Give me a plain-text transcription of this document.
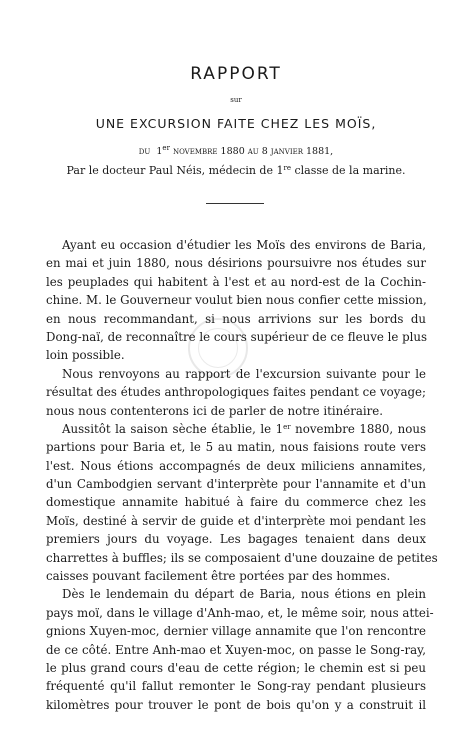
RAPPORT
sur
UNE EXCURSION FAITE CHEZ LES MOÏS,
du  1er novembre 1880 au 8 janvier 1881,
Par le docteur Paul Néis, médecin de 1re classe de la marine.
Ayant eu occasion d'étudier les Moïs des environs de Baria,
en mai et juin 1880, nous désirions poursuivre nos études sur
les peuplades qui habitent à l'est et au nord-est de la Cochin-
chine. M. le Gouverneur voulut bien nous confier cette mission,
en nous recommandant, si nous arrivions sur les bords du
Dong-naï, de reconnaître le cours supérieur de ce fleuve le plus
loin possible.
Nous renvoyons au rapport de l'excursion suivante pour le
résultat des études anthropologiques faites pendant ce voyage;
nous nous contenterons ici de parler de notre itinéraire.
Aussitôt la saison sèche établie, le 1er novembre 1880, nous
partions pour Baria et, le 5 au matin, nous faisions route vers
l'est. Nous étions accompagnés de deux miliciens annamites,
d'un Cambodgien servant d'interprète pour l'annamite et d'un
domestique annamite habitué à faire du commerce chez les
Moïs, destiné à servir de guide et d'interprète moi pendant les
premiers jours du voyage. Les bagages tenaient dans deux
charrettes à buffles; ils se composaient d'une douzaine de petites
caisses pouvant facilement être portées par des hommes.
Dès le lendemain du départ de Baria, nous étions en plein
pays moï, dans le village d'Anh-mao, et, le même soir, nous attei-
gnions Xuyen-moc, dernier village annamite que l'on rencontre
de ce côté. Entre Anh-mao et Xuyen-moc, on passe le Song-ray,
le plus grand cours d'eau de cette région; le chemin est si peu
fréquenté qu'il fallut remonter le Song-ray pendant plusieurs
kilomètres pour trouver le pont de bois qu'on y a construit il
